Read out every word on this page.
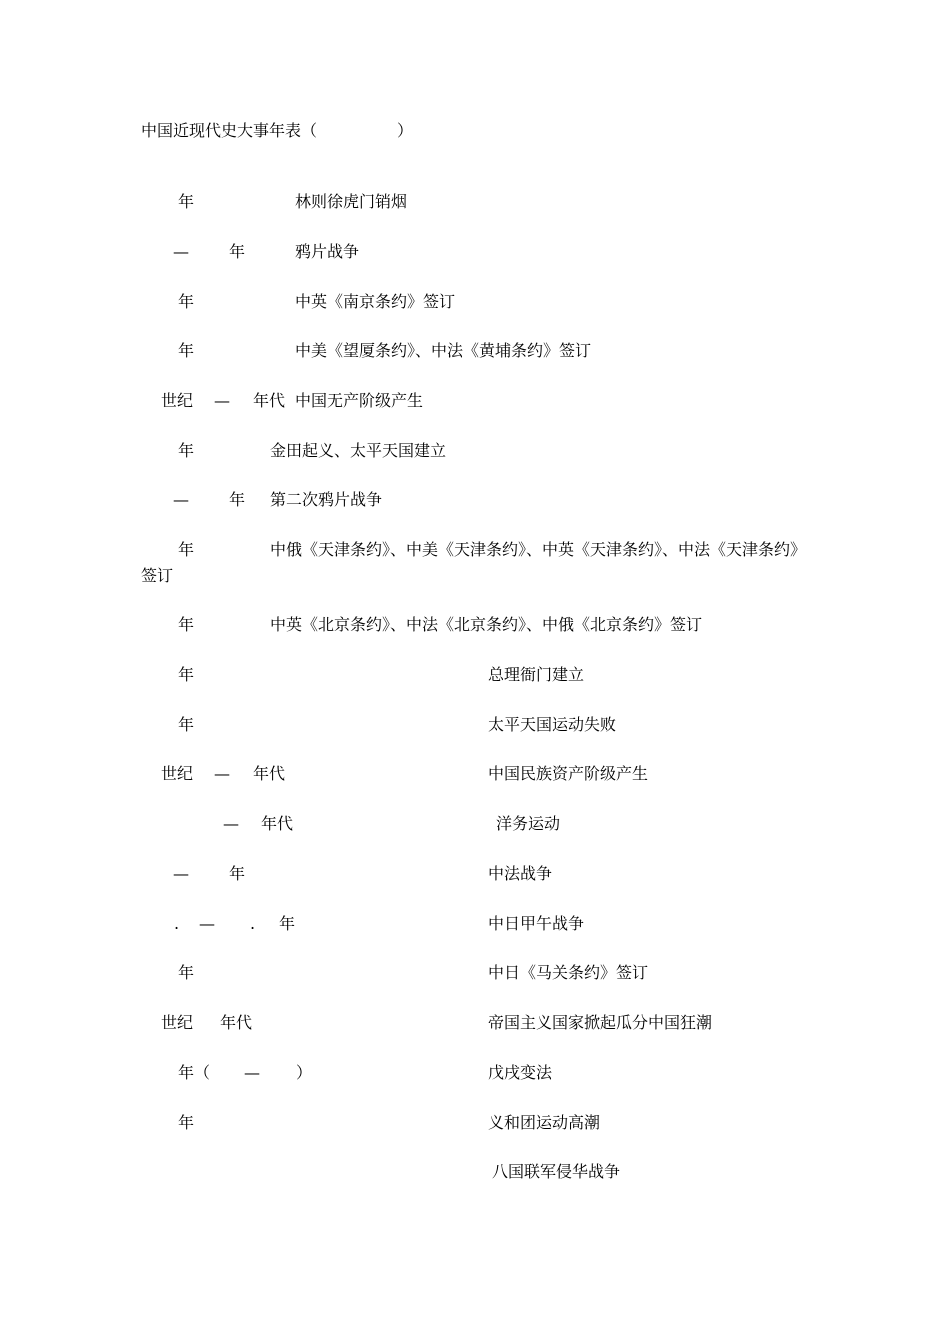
中国近现代史大事年表（　　　　　）
年	林则徐虎门销烟
—	年	鸦片战争
年	中英《南京条约》签订
年	中美《望厦条约》、中法《黄埔条约》签订
世纪 — 年代 中国无产阶级产生
年	金田起义、太平天国建立
—	年 第二次鸦片战争
年	中俄《天津条约》、中美《天津条约》、中英《天津条约》、中法《天津条约》
签订
年	中英《北京条约》、中法《北京条约》、中俄《北京条约》签订
年	总理衙门建立
年	太平天国运动失败
世纪 — 年代	中国民族资产阶级产生
— 年代	洋务运动
—	年	中法战争
. — . 年	中日甲午战争
年	中日《马关条约》签订
世纪 年代	帝国主义国家掀起瓜分中国狂潮
年（ — ）	戊戌变法
年	义和团运动高潮
八国联军侵华战争
